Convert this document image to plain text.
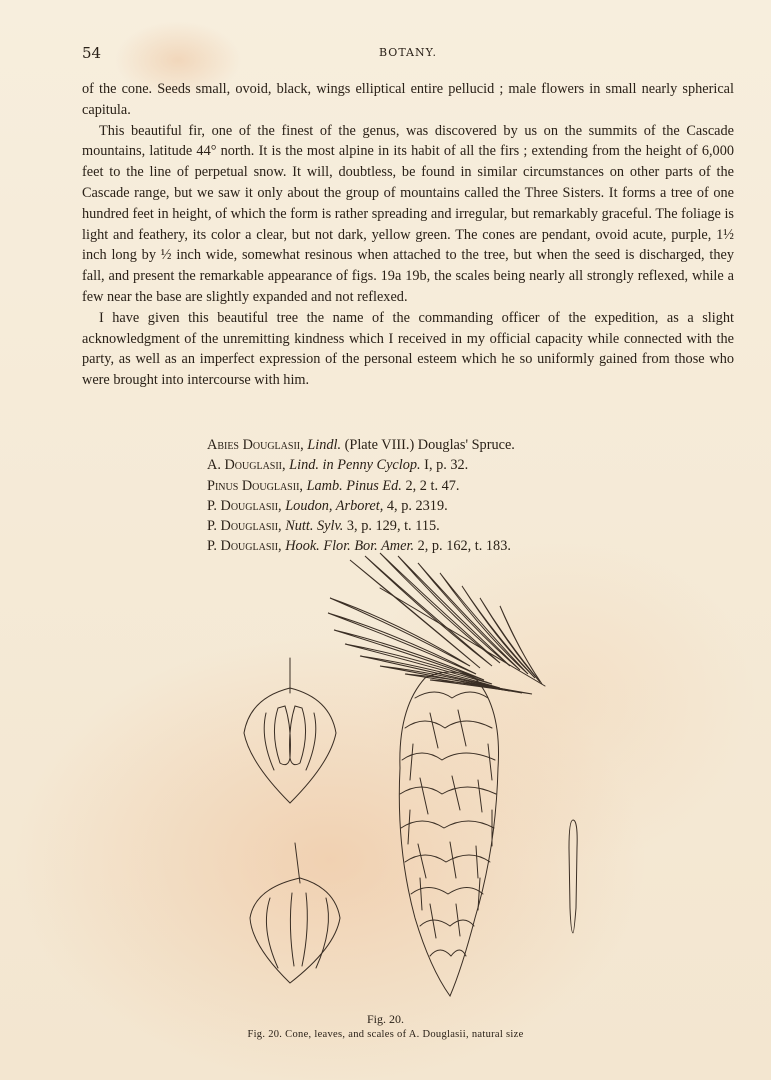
54	BOTANY.

of the cone. Seeds small, ovoid, black, wings elliptical entire pellucid ; male flowers in small nearly spherical capitula.

This beautiful fir, one of the finest of the genus, was discovered by us on the summits of the Cascade mountains, latitude 44° north. It is the most alpine in its habit of all the firs ; extending from the height of 6,000 feet to the line of perpetual snow. It will, doubtless, be found in similar circumstances on other parts of the Cascade range, but we saw it only about the group of mountains called the Three Sisters. It forms a tree of one hundred feet in height, of which the form is rather spreading and irregular, but remarkably graceful. The foliage is light and feathery, its color a clear, but not dark, yellow green. The cones are pendant, ovoid acute, purple, 1½ inch long by ½ inch wide, somewhat resinous when attached to the tree, but when the seed is discharged, they fall, and present the remarkable appearance of figs. 19a 19b, the scales being nearly all strongly reflexed, while a few near the base are slightly expanded and not reflexed.

I have given this beautiful tree the name of the commanding officer of the expedition, as a slight acknowledgment of the unremitting kindness which I received in my official capacity while connected with the party, as well as an imperfect expression of the personal esteem which he so uniformly gained from those who were brought into intercourse with him.

Abies Douglasii, Lindl. (Plate VIII.) Douglas' Spruce.
A. Douglasii, Lind. in Penny Cyclop. I, p. 32.
Pinus Douglasii, Lamb. Pinus Ed. 2, 2 t. 47.
P. Douglasii, Loudon, Arboret, 4, p. 2319.
P. Douglasii, Nutt. Sylv. 3, p. 129, t. 115.
P. Douglasii, Hook. Flor. Bor. Amer. 2, p. 162, t. 183.
Fig. 20.
Fig. 20. Cone, leaves, and scales of A. Douglasii, natural size
